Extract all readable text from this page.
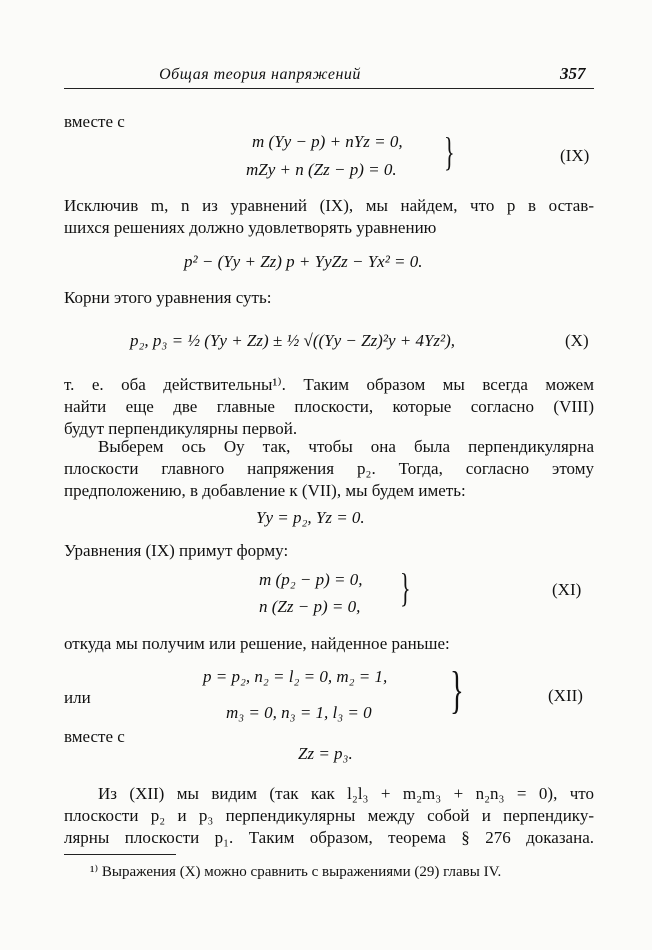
Общая теория напряжений	357
вместе с
m (Yy − p) + nYz = 0,
mZy + n (Zz − p) = 0. }	(IX)
Исключив m, n из уравнений (IX), мы найдем, что p в остав-
шихся решениях должно удовлетворять уравнению
p² − (Yy + Zz) p + YyZz − Yx² = 0.
Корни этого уравнения суть:
p₂, p₃ = ½ (Yy + Zz) ± ½ √((Yy − Zz)²y + 4Yz²),	(X)
т. е. оба действительны¹⁾. Таким образом мы всегда можем
найти еще две главные плоскости, которые согласно (VIII)
будут перпендикулярны первой.
Выберем ось Oy так, чтобы она была перпендикулярна
плоскости главного напряжения p₂. Тогда, согласно этому
предположению, в добавление к (VII), мы будем иметь:
Yy = p₂, Yz = 0.
Уравнения (IX) примут форму:
m (p₂ − p) = 0,
n (Zz − p) = 0, }	(XI)
откуда мы получим или решение, найденное раньше:
p = p₂, n₂ = l₂ = 0, m₂ = 1,
или
m₃ = 0, n₃ = 1, l₃ = 0 }	(XII)
вместе с
Zz = p₃.
Из (XII) мы видим (так как l₂l₃ + m₂m₃ + n₂n₃ = 0), что
плоскости p₂ и p₃ перпендикулярны между собой и перпендику-
лярны плоскости p₁. Таким образом, теорема § 276 доказана.
¹⁾ Выражения (X) можно сравнить с выражениями (29) главы IV.
